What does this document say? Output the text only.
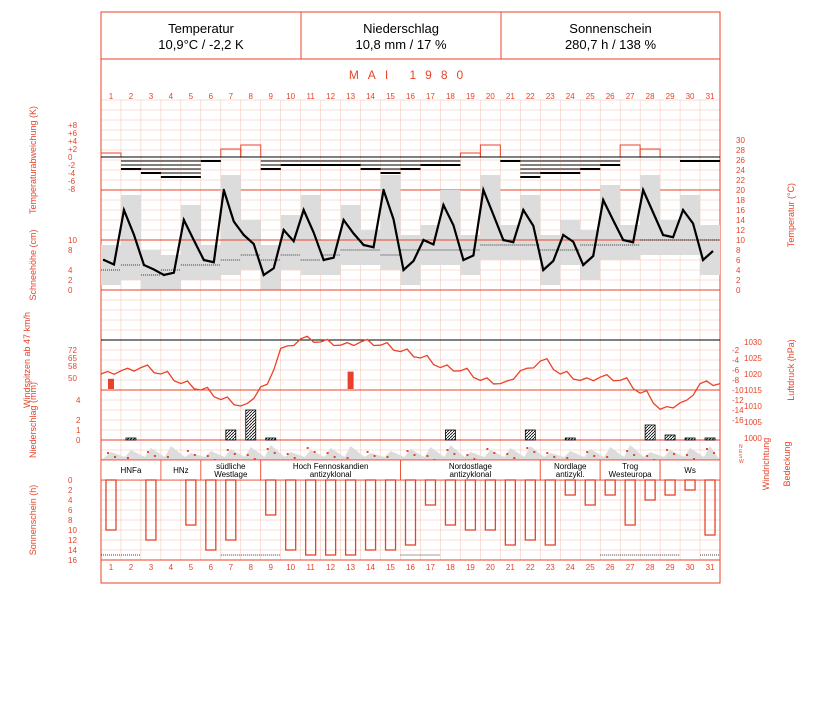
Temperatur
10,9°C / -2,2 K
Niederschlag
10,8 mm / 17 %
Sonnenschein
280,7 h / 138 %
MAI 1980
1
1
2
2
3
3
4
4
5
5
6
6
7
7
8
8
9
9
10
10
11
11
12
12
13
13
14
14
15
15
16
16
17
17
18
18
19
19
20
20
21
21
22
22
23
23
24
24
25
25
26
26
27
27
28
28
29
29
30
30
31
31
+8
+6
+4
+2
0
-2
-4
-6
-8
Temperaturabweichung (K)	30
28
26
24
22
20
18
16
14
12
10
8
6
4
2
0
10
8
4
2
0
Schneehöhe (cm)
Temperatur (°C)
1030
1025
1020
1015
1010
1005
1000
-2
-4
-6
-8
-10
-12
-14
-16
72
65
58
50
Windspitzen ab 47 km/h	Luftdruck (hPa)
4
2
1
0
Niederschlag (mm)	N
E
S
W Windrichtung Bedeckung
HNFa	HNz	südliche
Westlage
Hoch Fennoskandien
antizyklonal
Nordostlage
antizyklonal
Nordlage
antizykl.
Trog
Westeuropa	Ws
0
2
4
6
8
10
12
14
16
Sonnenschein (h)
